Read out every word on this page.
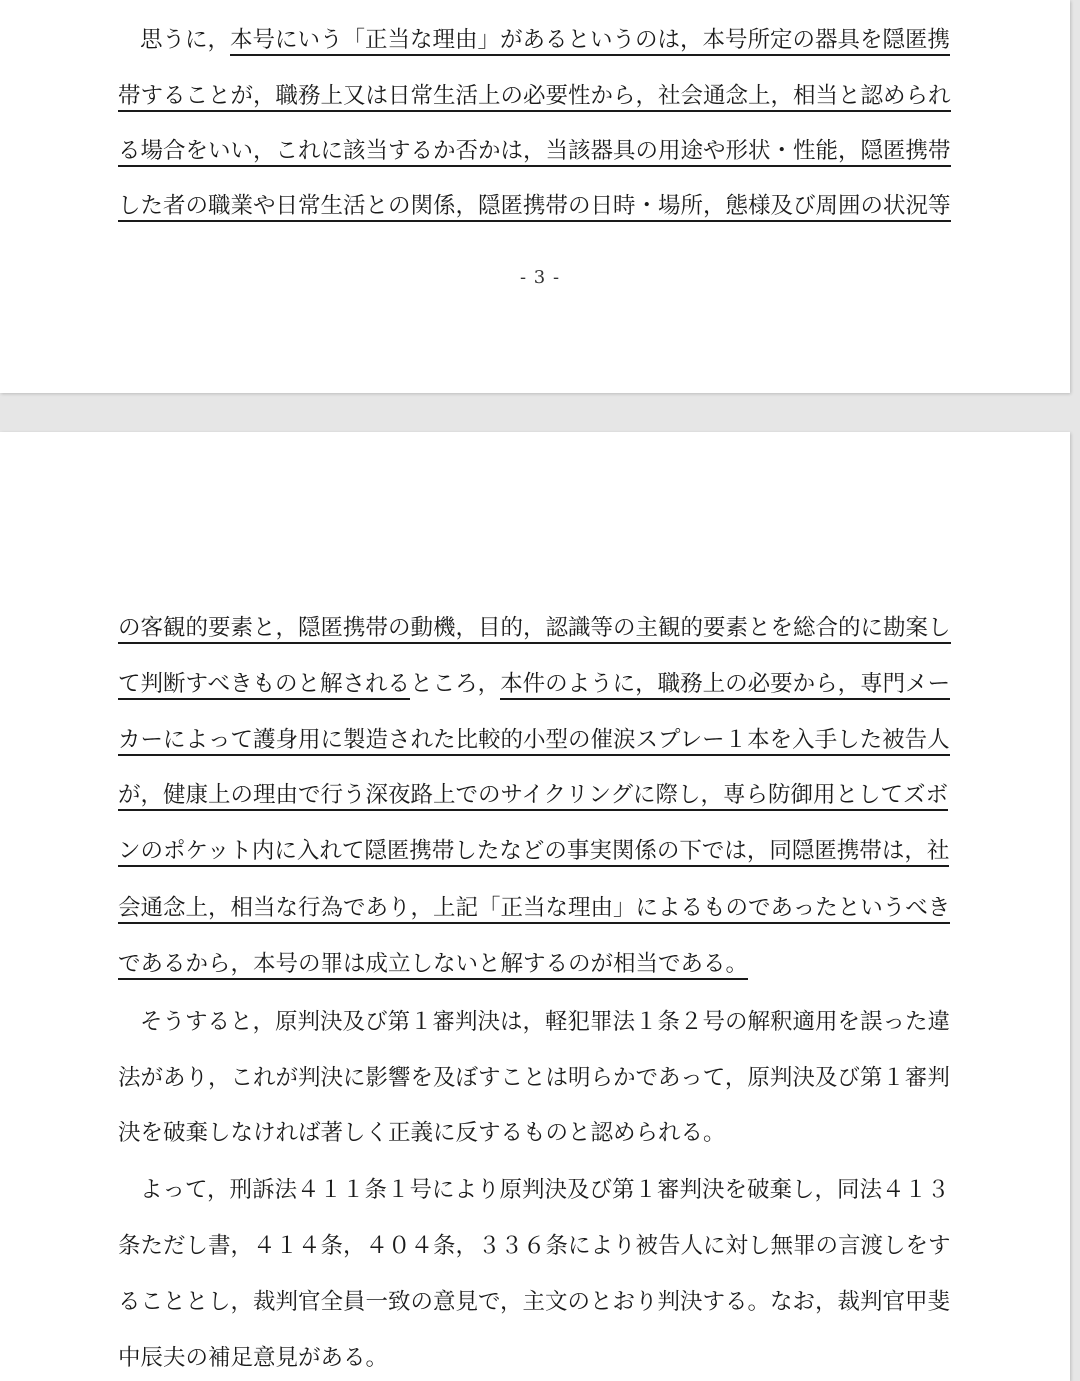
思うに，本号にいう「正当な理由」があるというのは，本号所定の器具を隠匿携
帯することが，職務上又は日常生活上の必要性から，社会通念上，相当と認められ
る場合をいい，これに該当するか否かは，当該器具の用途や形状・性能，隠匿携帯
した者の職業や日常生活との関係，隠匿携帯の日時・場所，態様及び周囲の状況等
- 3 -
の客観的要素と，隠匿携帯の動機，目的，認識等の主観的要素とを総合的に勘案し
て判断すべきものと解されるところ，本件のように，職務上の必要から，専門メー
カーによって護身用に製造された比較的小型の催涙スプレー１本を入手した被告人
が，健康上の理由で行う深夜路上でのサイクリングに際し，専ら防御用としてズボ
ンのポケット内に入れて隠匿携帯したなどの事実関係の下では，同隠匿携帯は，社
会通念上，相当な行為であり，上記「正当な理由」によるものであったというべき
であるから，本号の罪は成立しないと解するのが相当である。
そうすると，原判決及び第１審判決は，軽犯罪法１条２号の解釈適用を誤った違
法があり，これが判決に影響を及ぼすことは明らかであって，原判決及び第１審判
決を破棄しなければ著しく正義に反するものと認められる。
よって，刑訴法４１１条１号により原判決及び第１審判決を破棄し，同法４１３
条ただし書，４１４条，４０４条，３３６条により被告人に対し無罪の言渡しをす
ることとし，裁判官全員一致の意見で，主文のとおり判決する。なお，裁判官甲斐
中辰夫の補足意見がある。
